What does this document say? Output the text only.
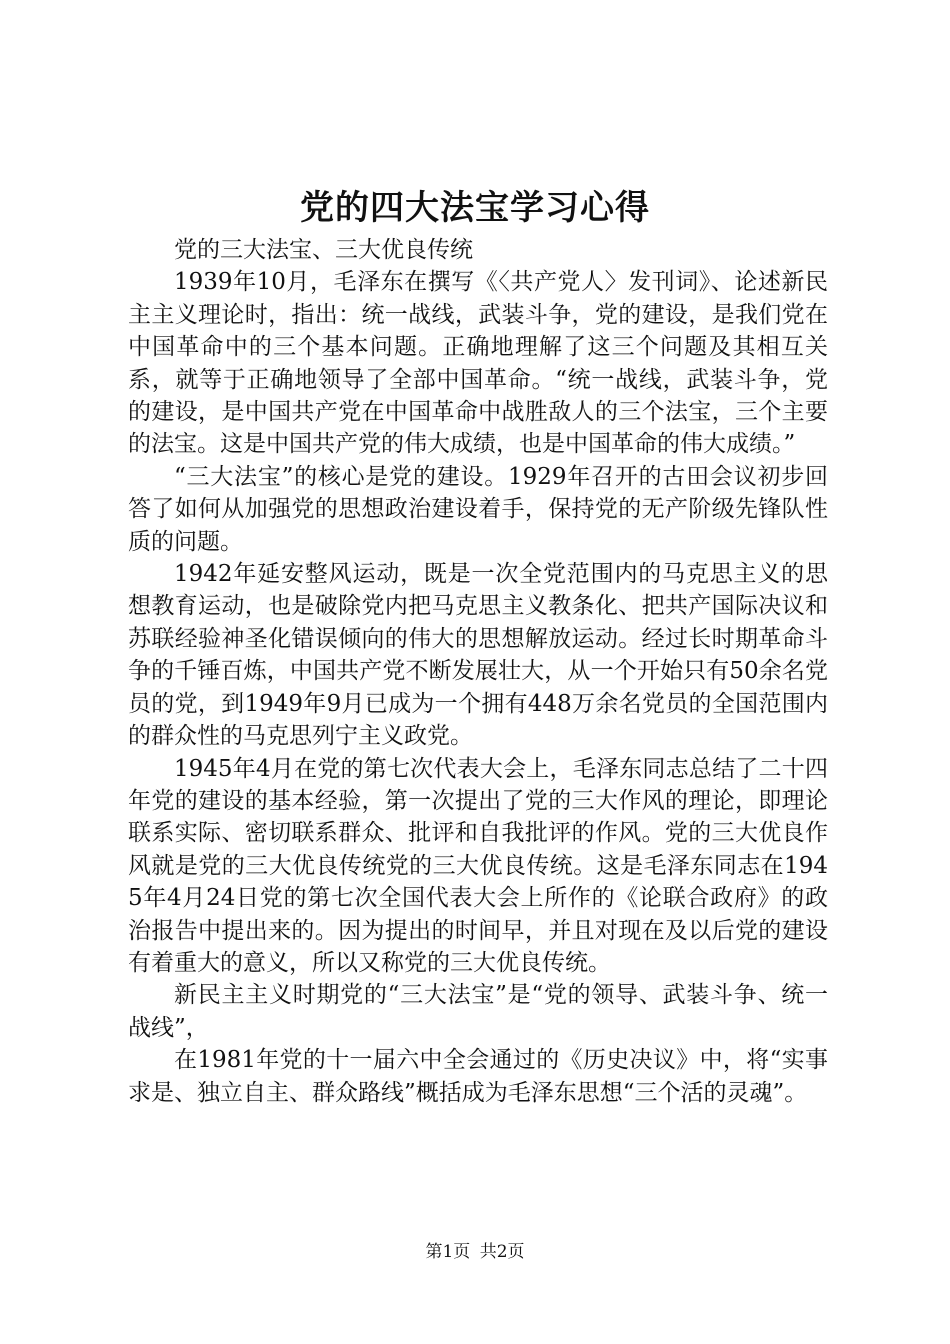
党的四大法宝学习心得

党的三大法宝、三大优良传统

1939年10月，毛泽东在撰写《〈共产党人〉发刊词》、论述新民主主义理论时，指出：统一战线，武装斗争，党的建设，是我们党在中国革命中的三个基本问题。正确地理解了这三个问题及其相互关系，就等于正确地领导了全部中国革命。“统一战线，武装斗争，党的建设，是中国共产党在中国革命中战胜敌人的三个法宝，三个主要的法宝。这是中国共产党的伟大成绩，也是中国革命的伟大成绩。”

“三大法宝”的核心是党的建设。1929年召开的古田会议初步回答了如何从加强党的思想政治建设着手，保持党的无产阶级先锋队性质的问题。

1942年延安整风运动，既是一次全党范围内的马克思主义的思想教育运动，也是破除党内把马克思主义教条化、把共产国际决议和苏联经验神圣化错误倾向的伟大的思想解放运动。经过长时期革命斗争的千锤百炼，中国共产党不断发展壮大，从一个开始只有50余名党员的党，到1949年9月已成为一个拥有448万余名党员的全国范围内的群众性的马克思列宁主义政党。

1945年4月在党的第七次代表大会上，毛泽东同志总结了二十四年党的建设的基本经验，第一次提出了党的三大作风的理论，即理论联系实际、密切联系群众、批评和自我批评的作风。党的三大优良作风就是党的三大优良传统党的三大优良传统。这是毛泽东同志在1945年4月24日党的第七次全国代表大会上所作的《论联合政府》的政治报告中提出来的。因为提出的时间早，并且对现在及以后党的建设有着重大的意义，所以又称党的三大优良传统。

新民主主义时期党的“三大法宝”是“党的领导、武装斗争、统一战线”，

在1981年党的十一届六中全会通过的《历史决议》中，将“实事求是、独立自主、群众路线”概括成为毛泽东思想“三个活的灵魂”。

第1页 共2页
